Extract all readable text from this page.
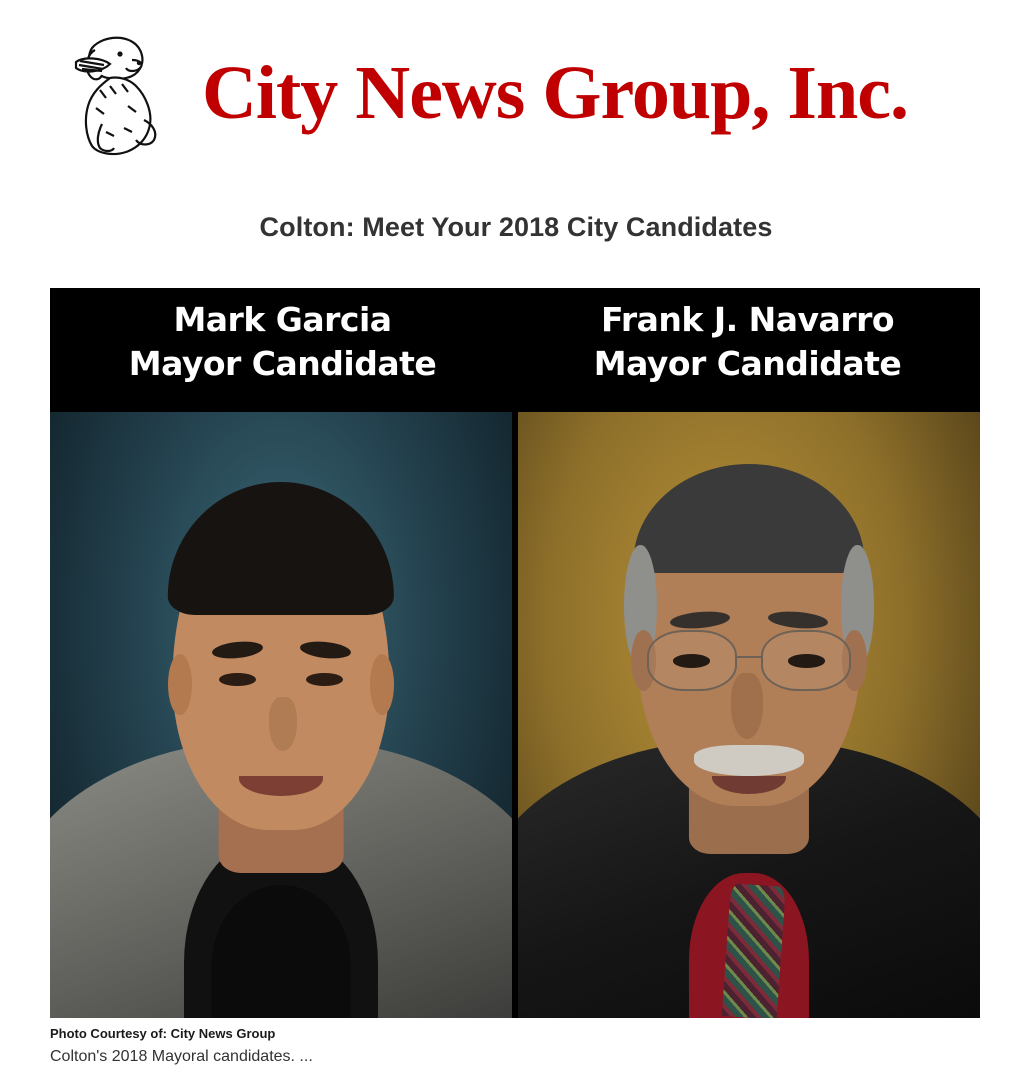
City News Group, Inc.
Colton: Meet Your 2018 City Candidates
Mark Garcia
Mayor Candidate
Frank J. Navarro
Mayor Candidate
Photo Courtesy of: City News Group
Colton's 2018 Mayoral candidates. ...
